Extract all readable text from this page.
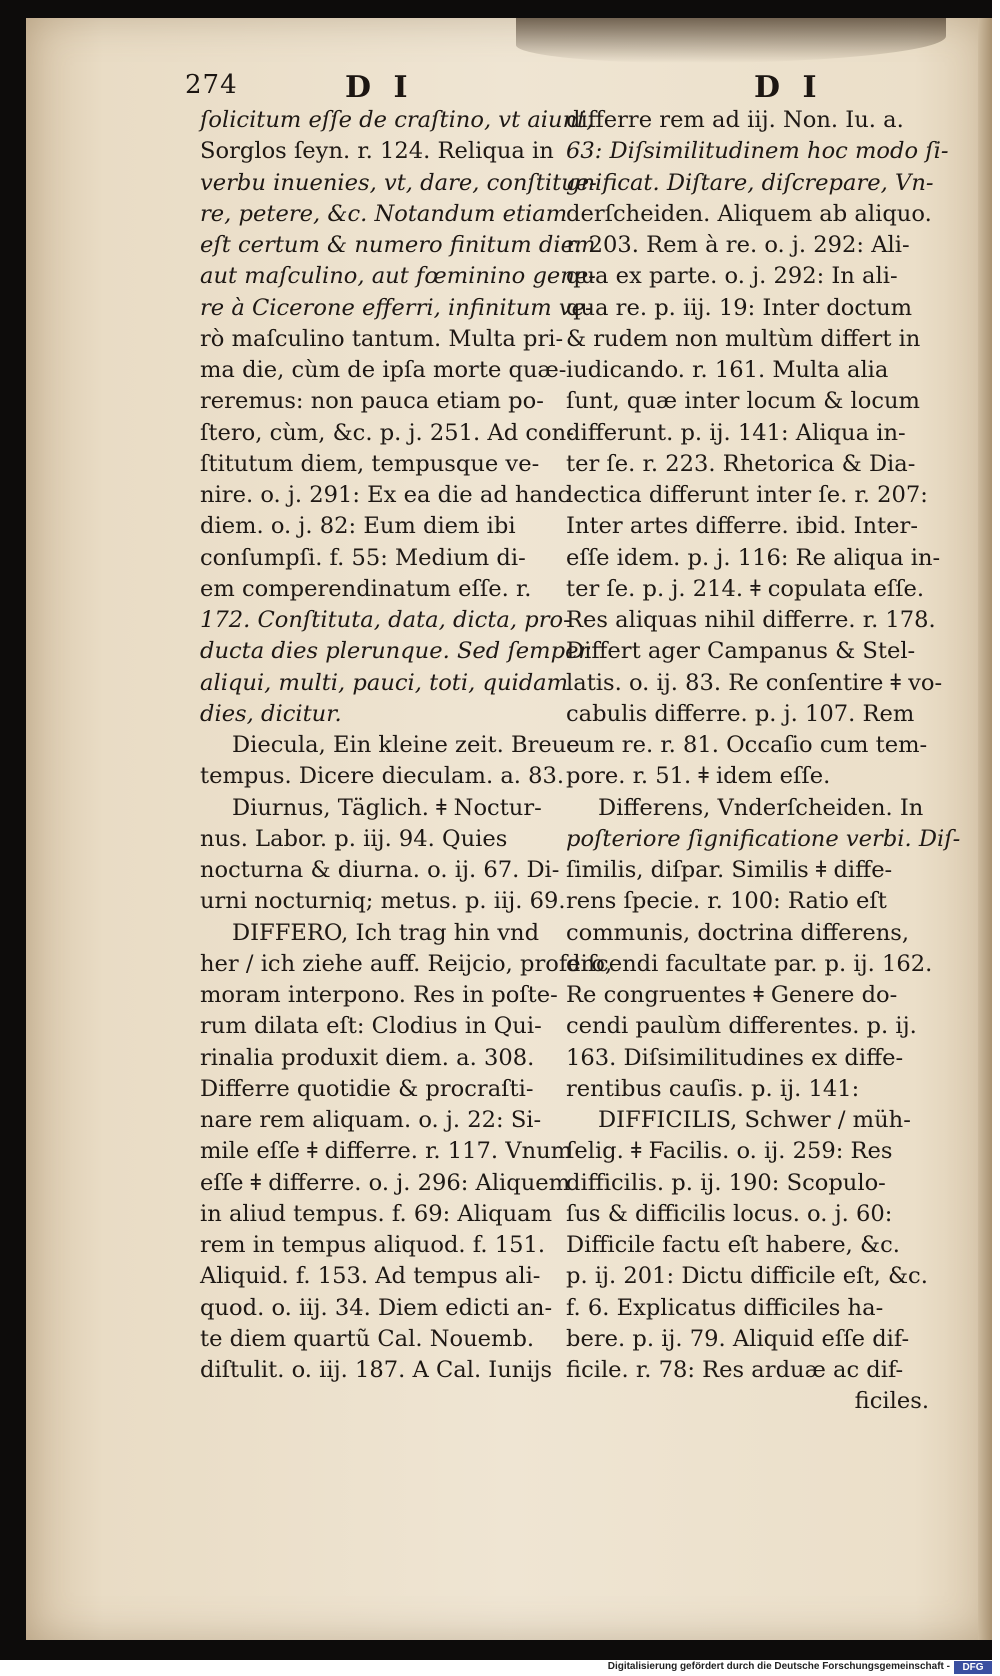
274	D I	D I
ſolicitum eſſe de craſtino, vt aiunt,
Sorglos ſeyn. r. 124. Reliqua in
verbu inuenies, vt, dare, conſtitue-
re, petere, &c. Notandum etiam
eſt certum & numero finitum diem
aut maſculino, aut fœminino gene-
re à Cicerone efferri, infinitum ve-
rò maſculino tantum. Multa pri-
ma die, cùm de ipſa morte quæ-
reremus: non pauca etiam po-
ſtero, cùm, &c. p. j. 251. Ad con-
ſtitutum diem, tempusque ve-
nire. o. j. 291: Ex ea die ad hanc
diem. o. j. 82: Eum diem ibi
conſumpſi. f. 55: Medium di-
em comperendinatum eſſe. r.
172. Conſtituta, data, dicta, pro-
ducta dies plerunque. Sed ſemper
aliqui, multi, pauci, toti, quidam
dies, dicitur.
Diecula, Ein kleine zeit. Breue
tempus. Dicere dieculam. a. 83.
Diurnus, Täglich. ǂ Noctur-
nus. Labor. p. iij. 94. Quies
nocturna & diurna. o. ij. 67. Di-
urni nocturniq; metus. p. iij. 69.
DIFFERO, Ich trag hin vnd
her / ich ziehe auff. Reijcio, profero,
moram interpono. Res in poſte-
rum dilata eſt: Clodius in Qui-
rinalia produxit diem. a. 308.
Differre quotidie & procraſti-
nare rem aliquam. o. j. 22: Si-
mile eſſe ǂ differre. r. 117. Vnum
eſſe ǂ differre. o. j. 296: Aliquem
in aliud tempus. f. 69: Aliquam
rem in tempus aliquod. f. 151.
Aliquid. f. 153. Ad tempus ali-
quod. o. iij. 34. Diem edicti an-
te diem quartũ Cal. Nouemb.
diſtulit. o. iij. 187. A Cal. Iunijs
differre rem ad iij. Non. Iu. a.
63: Diſsimilitudinem hoc modo ſi-
gnificat. Diſtare, diſcrepare, Vn-
derſcheiden. Aliquem ab aliquo.
r. 203. Rem à re. o. j. 292: Ali-
qua ex parte. o. j. 292: In ali-
qua re. p. iij. 19: Inter doctum
& rudem non multùm differt in
iudicando. r. 161. Multa alia
ſunt, quæ inter locum & locum
differunt. p. ij. 141: Aliqua in-
ter ſe. r. 223. Rhetorica & Dia-
lectica differunt inter ſe. r. 207:
Inter artes differre. ibid. Inter-
eſſe idem. p. j. 116: Re aliqua in-
ter ſe. p. j. 214. ǂ copulata eſſe.
Res aliquas nihil differre. r. 178.
Differt ager Campanus & Stel-
latis. o. ij. 83. Re conſentire ǂ vo-
cabulis differre. p. j. 107. Rem
cum re. r. 81. Occaſio cum tem-
pore. r. 51. ǂ idem eſſe.
Differens, Vnderſcheiden. In
poſteriore ſignificatione verbi. Diſ-
ſimilis, diſpar. Similis ǂ diffe-
rens ſpecie. r. 100: Ratio eſt
communis, doctrina differens,
diſcendi facultate par. p. ij. 162.
Re congruentes ǂ Genere do-
cendi paulùm differentes. p. ij.
163. Diſsimilitudines ex diffe-
rentibus cauſis. p. ij. 141:
DIFFICILIS, Schwer / müh-
ſelig. ǂ Facilis. o. ij. 259: Res
difficilis. p. ij. 190: Scopulo-
ſus & difficilis locus. o. j. 60:
Difficile factu eſt habere, &c.
p. ij. 201: Dictu difficile eſt, &c.
f. 6. Explicatus difficiles ha-
bere. p. ij. 79. Aliquid eſſe dif-
ficile. r. 78: Res arduæ ac dif-
ficiles.
Digitalisierung gefördert durch die Deutsche Forschungsgemeinschaft -	DFG
